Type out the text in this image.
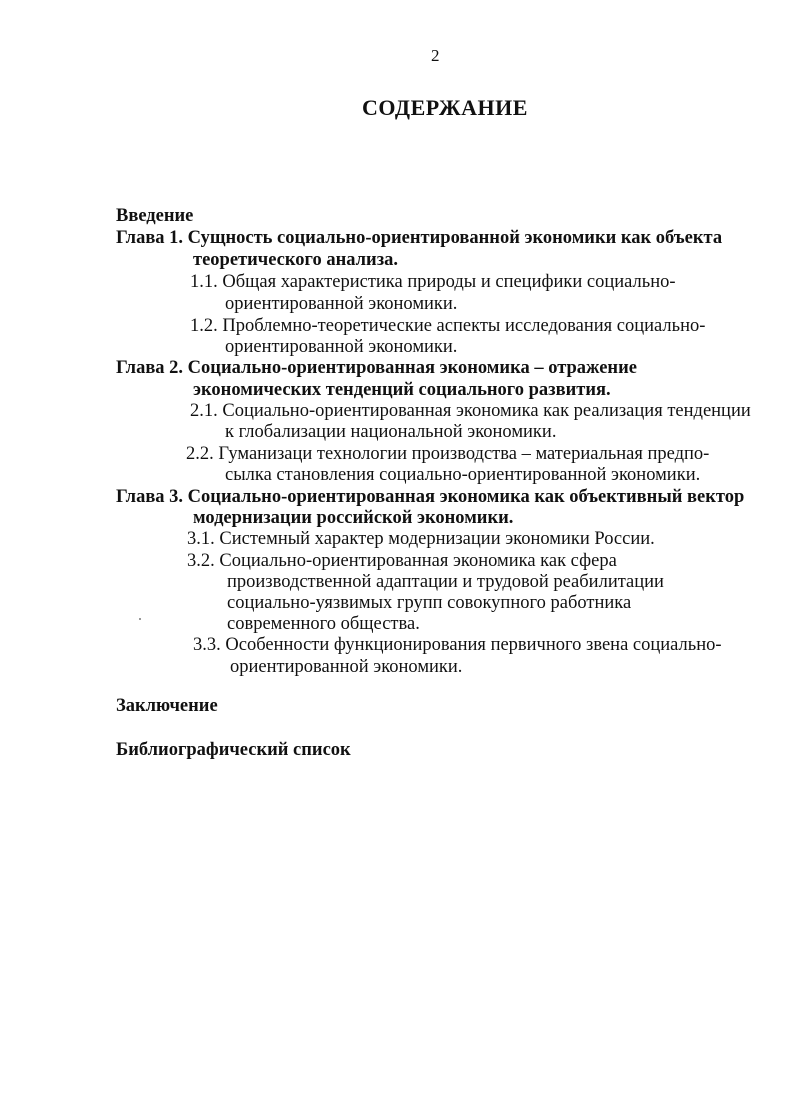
2
СОДЕРЖАНИЕ
Введение
Глава 1. Сущность социально-ориентированной экономики как объекта
теоретического анализа.
1.1. Общая характеристика природы и специфики социально-
ориентированной экономики.
1.2. Проблемно-теоретические аспекты исследования социально-
ориентированной экономики.
Глава 2. Социально-ориентированная экономика – отражение
экономических тенденций социального развития.
2.1. Социально-ориентированная экономика как реализация тенденции
к глобализации национальной экономики.
2.2. Гуманизаци технологии производства – материальная предпо-
сылка становления социально-ориентированной экономики.
Глава 3. Социально-ориентированная экономика как объективный вектор
модернизации российской экономики.
3.1. Системный характер модернизации экономики России.
3.2. Социально-ориентированная экономика как сфера
производственной адаптации и трудовой реабилитации
социально-уязвимых групп совокупного работника
современного общества.
3.3. Особенности функционирования первичного звена социально-
ориентированной экономики.
Заключение
Библиографический список
